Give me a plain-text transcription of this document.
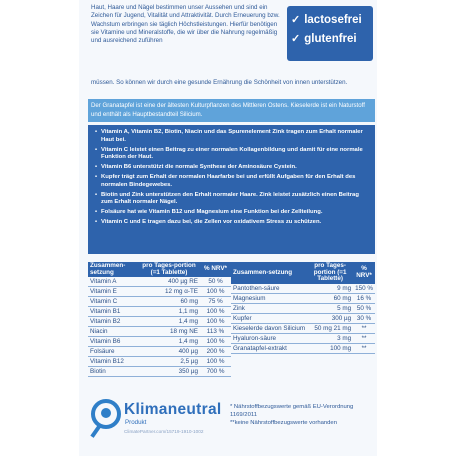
Haut, Haare und Nägel bestimmen unser Aussehen und sind ein Zeichen für Jugend, Vitalität und Attraktivität. Durch Erneuerung bzw. Wachstum erbringen sie täglich Höchstleistungen. Hierfür benötigen sie Vitamine und Mineralstoffe, die wir über die Nahrung regelmäßig und ausreichend zuführen

müssen. So können wir durch eine gesunde Ernährung die Schönheit von innen unterstützen.

✓ lactosefrei
✓ glutenfrei
Der Granatapfel ist eine der ältesten Kulturpflanzen des Mittleren Ostens. Kieselerde ist ein Naturstoff und enthält als Hauptbestandteil Silicium.
• Vitamin A, Vitamin B2, Biotin, Niacin und das Spurenelement Zink tragen zum Erhalt normaler Haut bei.
• Vitamin C leistet einen Beitrag zu einer normalen Kollagenbildung und damit für eine normale Funktion der Haut.
• Vitamin B6 unterstützt die normale Synthese der Aminosäure Cystein.
• Kupfer trägt zum Erhalt der normalen Haarfarbe bei und erfüllt Aufgaben für den Erhalt des normalen Bindegewebes.
• Biotin und Zink unterstützen den Erhalt normaler Haare. Zink leistet zusätzlich einen Beitrag zum Erhalt normaler Nägel.
• Folsäure hat wie Vitamin B12 und Magnesium eine Funktion bei der Zellteilung.
• Vitamin C und E tragen dazu bei, die Zellen vor oxidativem Stress zu schützen.
Zusammen-setzung	pro Tages-portion (=1 Tablette)	% NRV*
Vitamin A	400 µg RE	50 %
Vitamin E	12 mg α-TE	100 %
Vitamin C	60 mg	75 %
Vitamin B1	1,1 mg	100 %
Vitamin B2	1,4 mg	100 %
Niacin	18 mg NE	113 %
Vitamin B6	1,4 mg	100 %
Folsäure	400 µg	200 %
Vitamin B12	2,5 µg	100 %
Biotin	350 µg	700 %
Zusammen-setzung	pro Tages-portion (=1 Tablette)	% NRV*
Pantothen-säure	9 mg	150 %
Magnesium	60 mg	16 %
Zink	5 mg	50 %
Kupfer	300 µg	30 %
Kieselerde davon Silicium	50 mg 21 mg	**
Hyaluron-säure	3 mg	**
Granatapfel-extrakt	100 mg	**
Klimaneutral
Produkt
ClimatePartner.com/15719-1910-1002
* Nährstoffbezugswerte gemäß EU-Verordnung 1169/2011
**keine Nährstoffbezugswerte vorhanden
